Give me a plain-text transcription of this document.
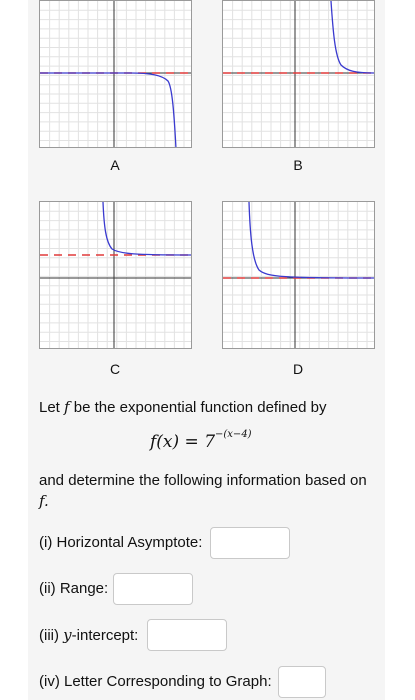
A	B
C	D
Let f be the exponential function defined by
$f(x) = 7^{-(x-4)}$
and determine the following information based on f.
(i) Horizontal Asymptote:
(ii) Range:
(iii) y-intercept:
(iv) Letter Corresponding to Graph:
